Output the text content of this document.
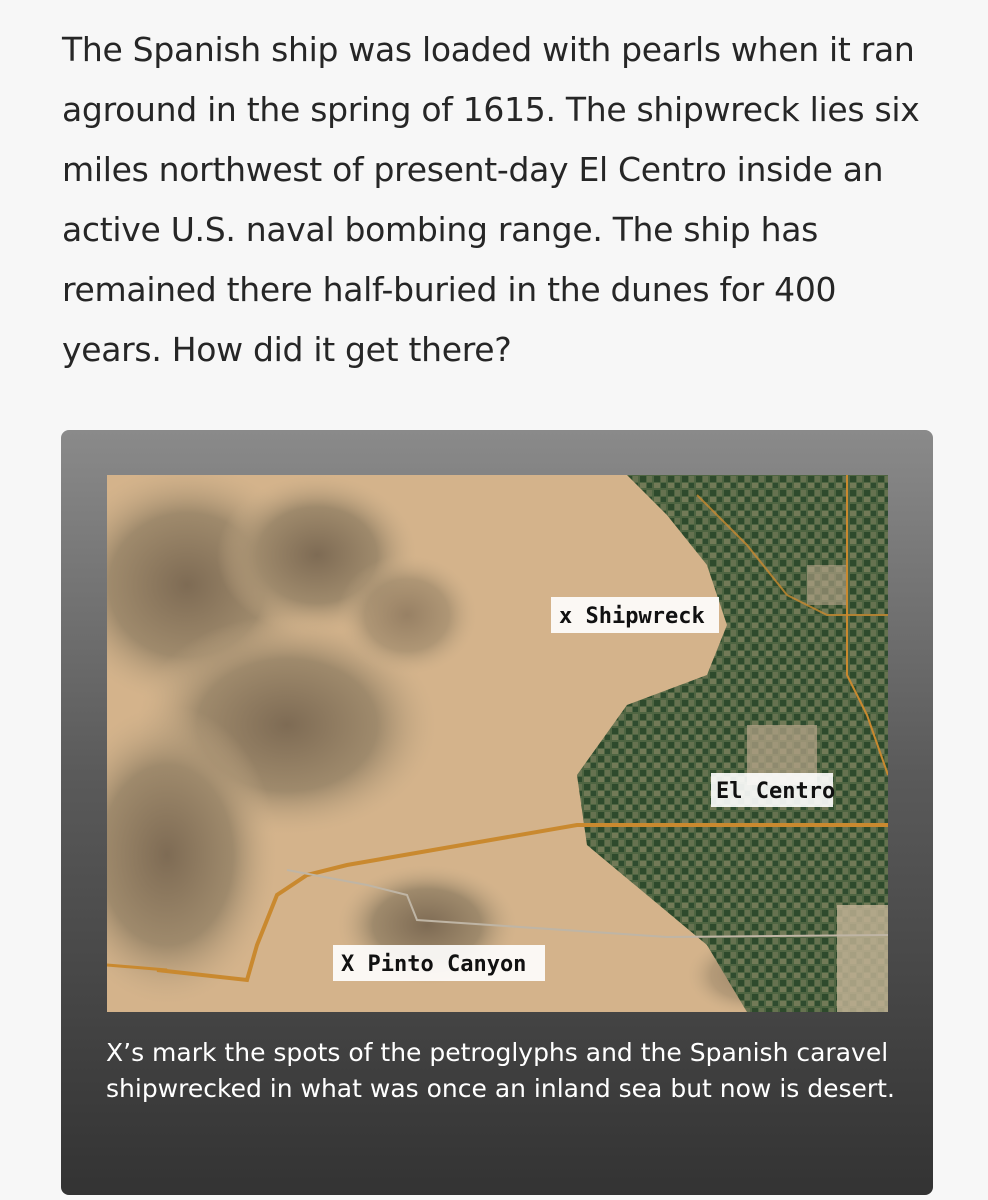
The Spanish ship was loaded with pearls when it ran aground in the spring of 1615. The shipwreck lies six miles northwest of present-day El Centro inside an active U.S. naval bombing range. The ship has remained there half-buried in the dunes for 400 years. How did it get there?

x Shipwreck
El Centro
X Pinto Canyon

X’s mark the spots of the petroglyphs and the Spanish caravel shipwrecked in what was once an inland sea but now is desert.
